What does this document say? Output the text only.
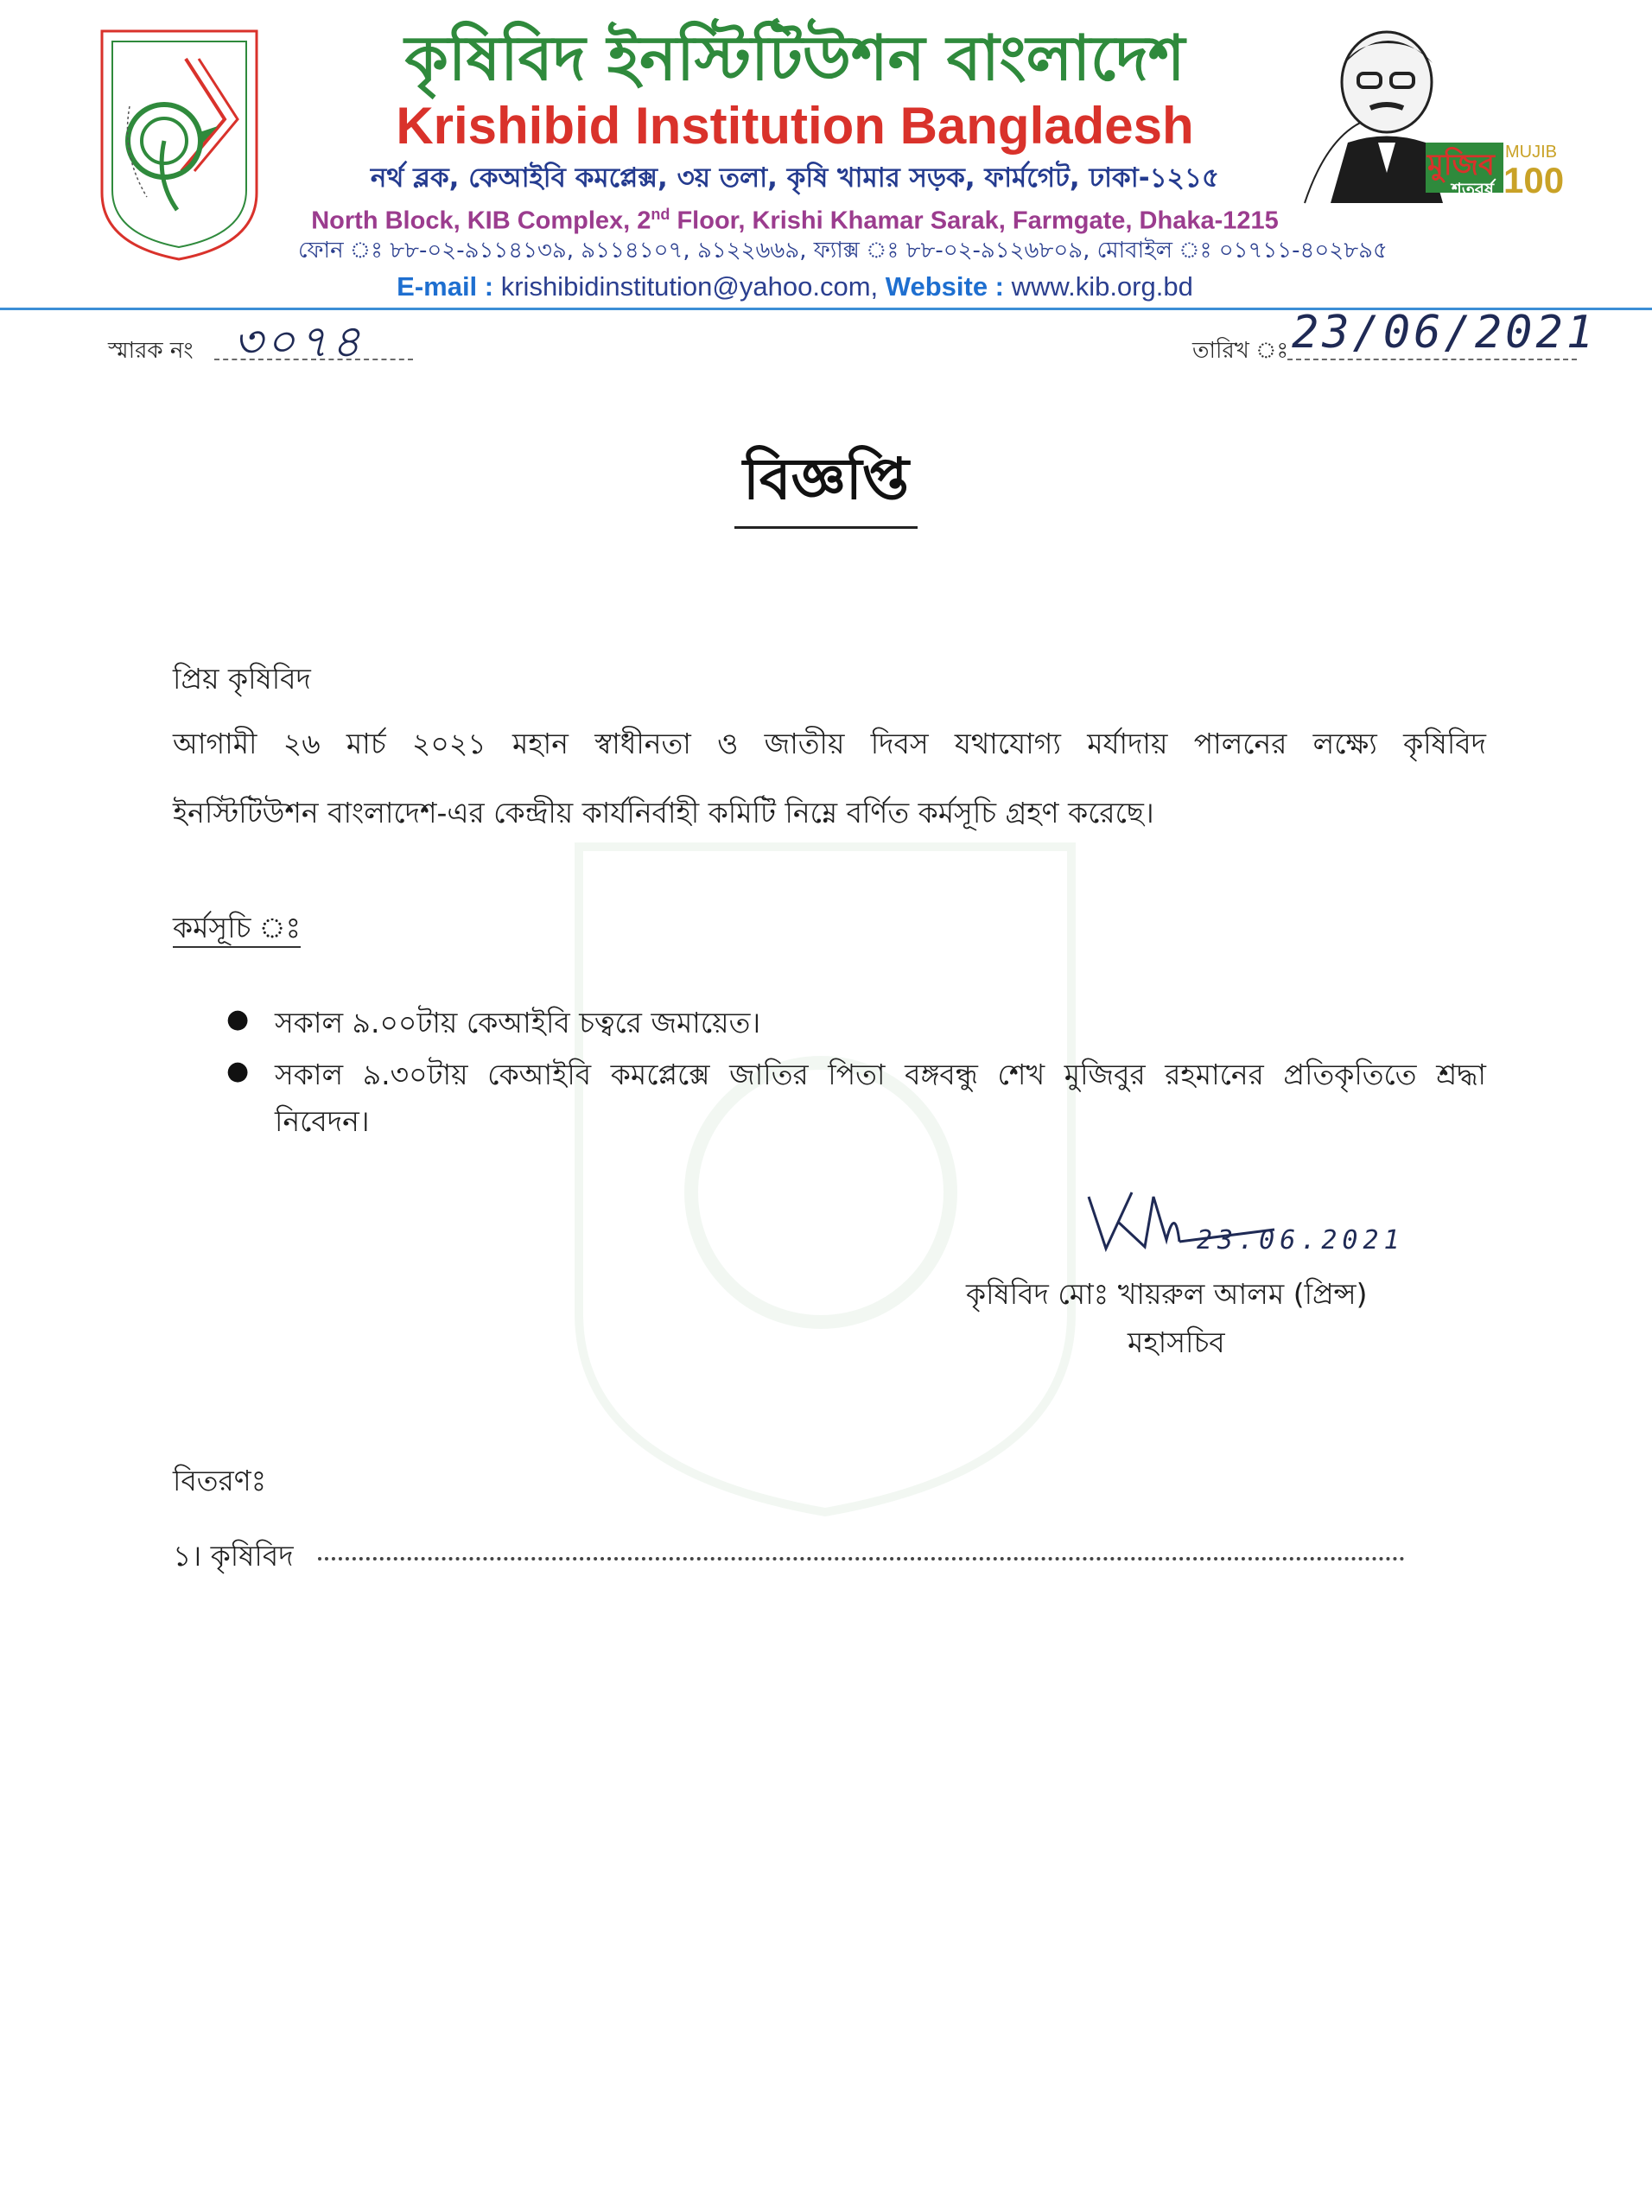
কৃষিবিদ ইনস্টিটিউশন বাংলাদেশ
Krishibid Institution Bangladesh
নর্থ ব্লক, কেআইবি কমপ্লেক্স, ৩য় তলা, কৃষি খামার সড়ক, ফার্মগেট, ঢাকা-১২১৫
North Block, KIB Complex, 2nd Floor, Krishi Khamar Sarak, Farmgate, Dhaka-1215
ফোন ঃ ৮৮-০২-৯১১৪১৩৯, ৯১১৪১০৭, ৯১২২৬৬৯, ফ্যাক্স ঃ ৮৮-০২-৯১২৬৮০৯, মোবাইল ঃ ০১৭১১-৪০২৮৯৫
E-mail : krishibidinstitution@yahoo.com, Website : www.kib.org.bd
মুজিব
শতবর্ষ
MUJIB
100
স্মারক নং ৩০৭৪	তারিখ ঃ 23/06/2021
বিজ্ঞপ্তি
প্রিয় কৃষিবিদ
আগামী ২৬ মার্চ ২০২১ মহান স্বাধীনতা ও জাতীয় দিবস যথাযোগ্য মর্যাদায় পালনের লক্ষ্যে কৃষিবিদ
ইনস্টিটিউশন বাংলাদেশ-এর কেন্দ্রীয় কার্যনির্বাহী কমিটি নিম্নে বর্ণিত কর্মসূচি গ্রহণ করেছে।
কর্মসূচি ঃ
● সকাল ৯.০০টায় কেআইবি চত্বরে জমায়েত।
● সকাল ৯.৩০টায় কেআইবি কমপ্লেক্সে জাতির পিতা বঙ্গবন্ধু শেখ মুজিবুর রহমানের প্রতিকৃতিতে শ্রদ্ধা
নিবেদন।
23.06.2021
কৃষিবিদ মোঃ খায়রুল আলম (প্রিন্স)
মহাসচিব
বিতরণঃ
১। কৃষিবিদ
